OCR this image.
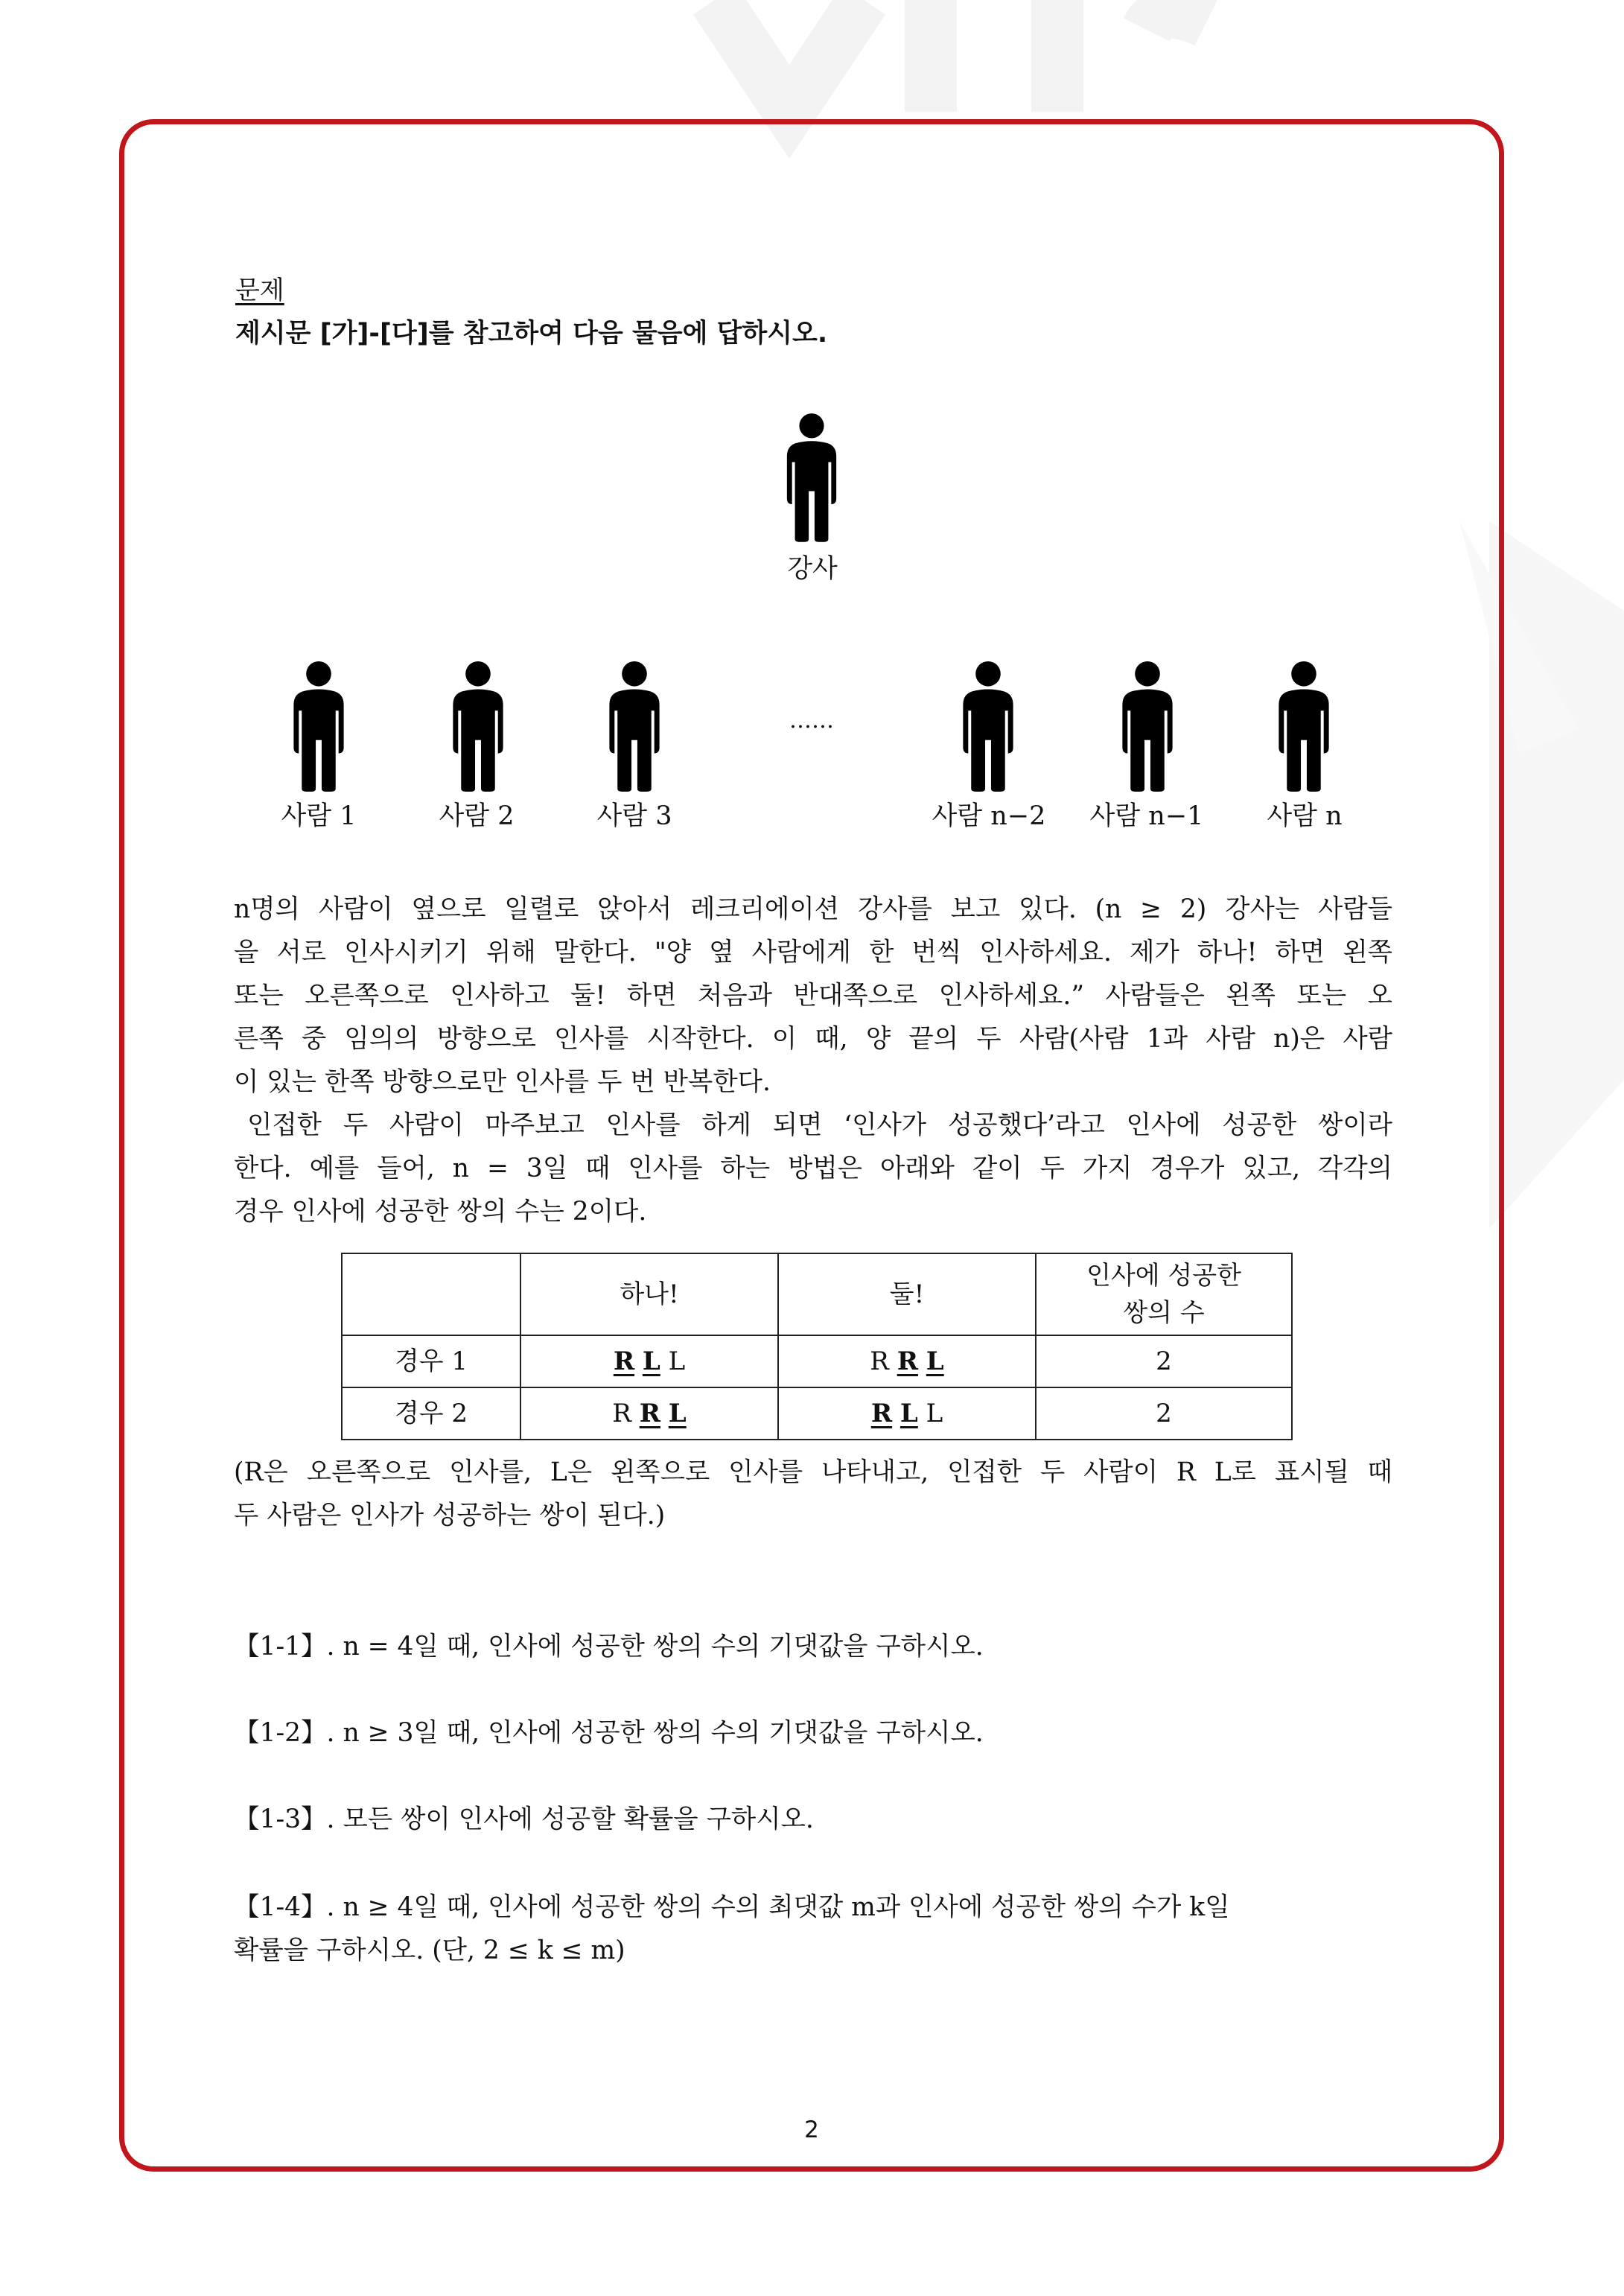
문제
제시문 [가]-[다]를 참고하여 다음 물음에 답하시오.
강사
……
사람 1	사람 2	사람 3	사람 n−2 사람 n−1 사람 n

n명의 사람이 옆으로 일렬로 앉아서 레크리에이션 강사를 보고 있다. (n ≥ 2) 강사는 사람들

을 서로 인사시키기 위해 말한다. "양 옆 사람에게 한 번씩 인사하세요. 제가 하나! 하면 왼쪽

또는 오른쪽으로 인사하고 둘! 하면 처음과 반대쪽으로 인사하세요.” 사람들은 왼쪽 또는 오

른쪽 중 임의의 방향으로 인사를 시작한다. 이 때, 양 끝의 두 사람(사람 1과 사람 n)은 사람

이 있는 한쪽 방향으로만 인사를 두 번 반복한다.

인접한 두 사람이 마주보고 인사를 하게 되면 ‘인사가 성공했다’라고 인사에 성공한 쌍이라

한다. 예를 들어, n = 3일 때 인사를 하는 방법은 아래와 같이 두 가지 경우가 있고, 각각의

경우 인사에 성공한 쌍의 수는 2이다.

	하나!	둘!	인사에 성공한
쌍의 수

경우 1	R L L	R R L	2
경우 2	R R L	R L L	2

(R은 오른쪽으로 인사를, L은 왼쪽으로 인사를 나타내고, 인접한 두 사람이 R L로 표시될 때

두 사람은 인사가 성공하는 쌍이 된다.)

【1-1】. n = 4일 때, 인사에 성공한 쌍의 수의 기댓값을 구하시오.
【1-2】. n ≥ 3일 때, 인사에 성공한 쌍의 수의 기댓값을 구하시오.
【1-3】. 모든 쌍이 인사에 성공할 확률을 구하시오.
【1-4】. n ≥ 4일 때, 인사에 성공한 쌍의 수의 최댓값 m과 인사에 성공한 쌍의 수가 k일
확률을 구하시오. (단, 2 ≤ k ≤ m)
2
